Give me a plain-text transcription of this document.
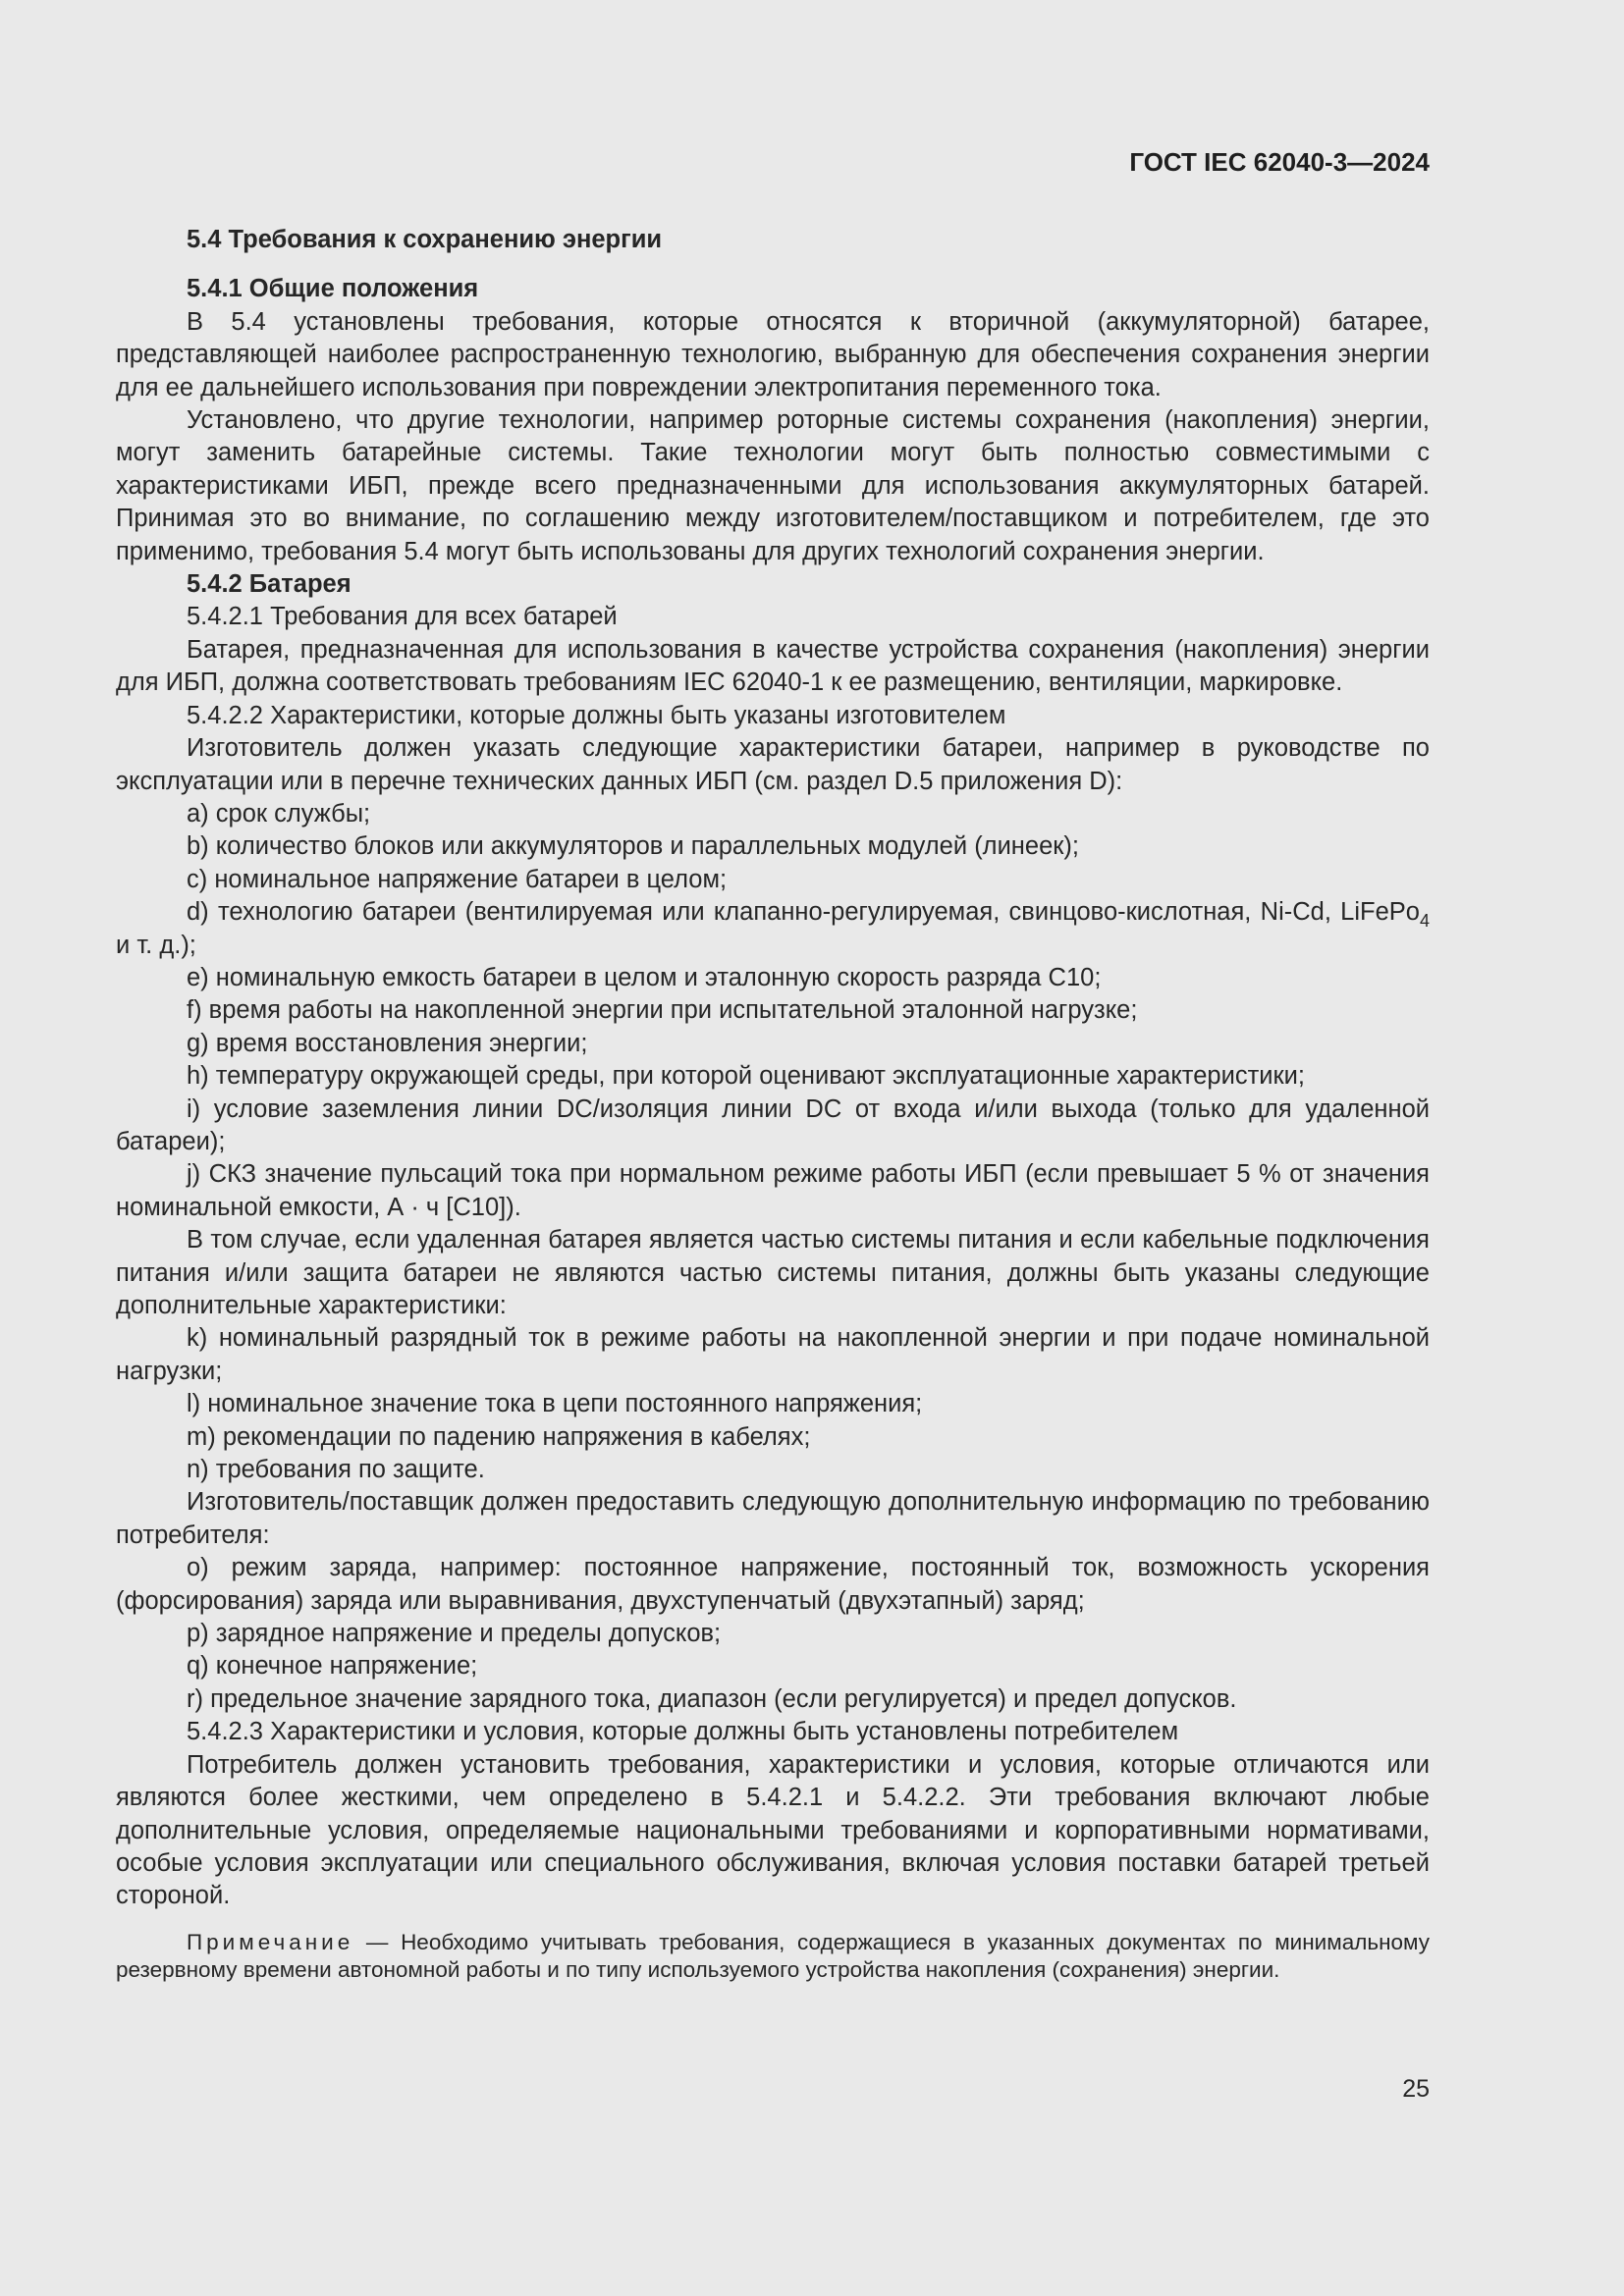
ГОСТ IEC 62040-3—2024

5.4 Требования к сохранению энергии

5.4.1 Общие положения

В 5.4 установлены требования, которые относятся к вторичной (аккумуляторной) батарее, представляющей наиболее распространенную технологию, выбранную для обеспечения сохранения энергии для ее дальнейшего использования при повреждении электропитания переменного тока.

Установлено, что другие технологии, например роторные системы сохранения (накопления) энергии, могут заменить батарейные системы. Такие технологии могут быть полностью совместимыми с характеристиками ИБП, прежде всего предназначенными для использования аккумуляторных батарей. Принимая это во внимание, по соглашению между изготовителем/поставщиком и потребителем, где это применимо, требования 5.4 могут быть использованы для других технологий сохранения энергии.

5.4.2 Батарея

5.4.2.1 Требования для всех батарей

Батарея, предназначенная для использования в качестве устройства сохранения (накопления) энергии для ИБП, должна соответствовать требованиям IEC 62040-1 к ее размещению, вентиляции, маркировке.

5.4.2.2 Характеристики, которые должны быть указаны изготовителем

Изготовитель должен указать следующие характеристики батареи, например в руководстве по эксплуатации или в перечне технических данных ИБП (см. раздел D.5 приложения D):

a) срок службы;

b) количество блоков или аккумуляторов и параллельных модулей (линеек);

c) номинальное напряжение батареи в целом;

d) технологию батареи (вентилируемая или клапанно-регулируемая, свинцово-кислотная, Ni-Cd, LiFePo$_4$ и т. д.);

e) номинальную емкость батареи в целом и эталонную скорость разряда C10;

f) время работы на накопленной энергии при испытательной эталонной нагрузке;

g) время восстановления энергии;

h) температуру окружающей среды, при которой оценивают эксплуатационные характеристики;

i) условие заземления линии DC/изоляция линии DC от входа и/или выхода (только для удаленной батареи);

j) СКЗ значение пульсаций тока при нормальном режиме работы ИБП (если превышает 5 % от значения номинальной емкости, А · ч [C10]).

В том случае, если удаленная батарея является частью системы питания и если кабельные подключения питания и/или защита батареи не являются частью системы питания, должны быть указаны следующие дополнительные характеристики:

k) номинальный разрядный ток в режиме работы на накопленной энергии и при подаче номинальной нагрузки;

l) номинальное значение тока в цепи постоянного напряжения;

m) рекомендации по падению напряжения в кабелях;

n) требования по защите.

Изготовитель/поставщик должен предоставить следующую дополнительную информацию по требованию потребителя:

o) режим заряда, например: постоянное напряжение, постоянный ток, возможность ускорения (форсирования) заряда или выравнивания, двухступенчатый (двухэтапный) заряд;

p) зарядное напряжение и пределы допусков;

q) конечное напряжение;

r) предельное значение зарядного тока, диапазон (если регулируется) и предел допусков.

5.4.2.3 Характеристики и условия, которые должны быть установлены потребителем

Потребитель должен установить требования, характеристики и условия, которые отличаются или являются более жесткими, чем определено в 5.4.2.1 и 5.4.2.2. Эти требования включают любые дополнительные условия, определяемые национальными требованиями и корпоративными нормативами, особые условия эксплуатации или специального обслуживания, включая условия поставки батарей третьей стороной.

Примечание — Необходимо учитывать требования, содержащиеся в указанных документах по минимальному резервному времени автономной работы и по типу используемого устройства накопления (сохранения) энергии.

25
